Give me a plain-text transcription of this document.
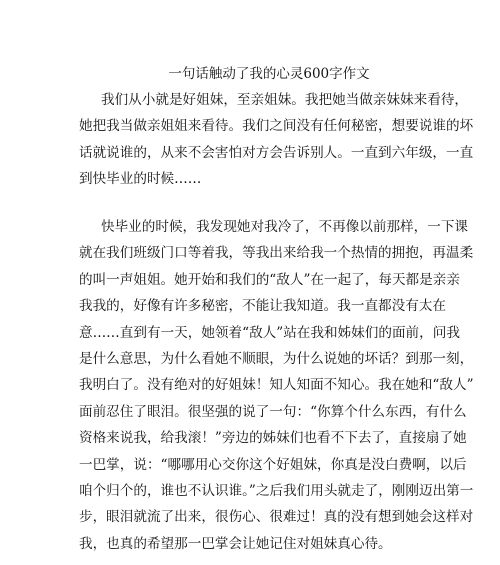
一句话触动了我的心灵600字作文
我们从小就是好姐妹，至亲姐妹。我把她当做亲妹妹来看待，
她把我当做亲姐姐来看待。我们之间没有任何秘密，想要说谁的坏
话就说谁的，从来不会害怕对方会告诉别人。一直到六年级，一直
到快毕业的时候……
快毕业的时候，我发现她对我冷了，不再像以前那样，一下课
就在我们班级门口等着我，等我出来给我一个热情的拥抱，再温柔
的叫一声姐姐。她开始和我们的“敌人”在一起了，每天都是亲亲
我我的，好像有许多秘密，不能让我知道。我一直都没有太在
意……直到有一天，她领着“敌人”站在我和姊妹们的面前，问我
是什么意思，为什么看她不顺眼，为什么说她的坏话？到那一刻，
我明白了。没有绝对的好姐妹！知人知面不知心。我在她和“敌人”
面前忍住了眼泪。很坚强的说了一句：“你算个什么东西，有什么
资格来说我，给我滚！”旁边的姊妹们也看不下去了，直接扇了她
一巴掌，说：“哪哪用心交你这个好姐妹，你真是没白费啊，以后
咱个归个的，谁也不认识谁。”之后我们用头就走了，刚刚迈出第一
步，眼泪就流了出来，很伤心、很难过！真的没有想到她会这样对
我，也真的希望那一巴掌会让她记住对姐妹真心待。
